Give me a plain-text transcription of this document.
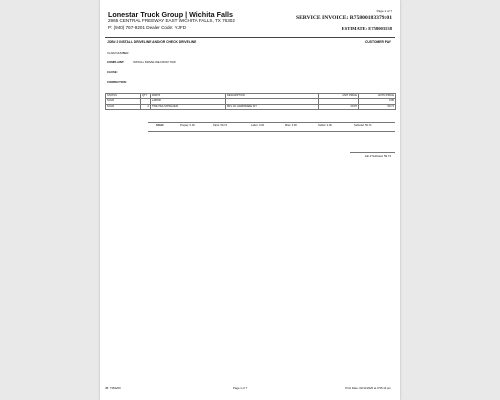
Lonestar Truck Group | Wichita Falls
2965 CENTRAL FREEWAY EAST WICHITA FALLS, TX 76302
P: (940) 767-9201 Dealer Code: YJFD
Page 1 of 7
SERVICE INVOICE: R75800183379:01
ESTIMATE: E758003538
JOB# 2 INSTALL DRIVELINE AND/OR CHECK DRIVELINE	CUSTOMER PAY
CLAIM NUMBER:
COMPLAINT:	INSTALL DRIVELINE FROM TOW
CAUSE:
CORRECTION:
STATUS	QTY	PART#	DESCRIPTION	UNIT PRICE	EXTD PRICE
SOLD		LABOR			0.95
SOLD	2	T50U7SA-S7PRL2320	MFL CF HARDWARE KIT	29.87	59.74
SOLD:	Prepay: 0.00	Parts: 59.74	Labor: 0.00	Misc: 0.00	Sublet: 0.00	Subtotal: 59.74
Job # Subtotal: 59.74
JB: 7354200	Page 1 of 7	Print Date: 02/11/2026 at 3:55:13 pm
